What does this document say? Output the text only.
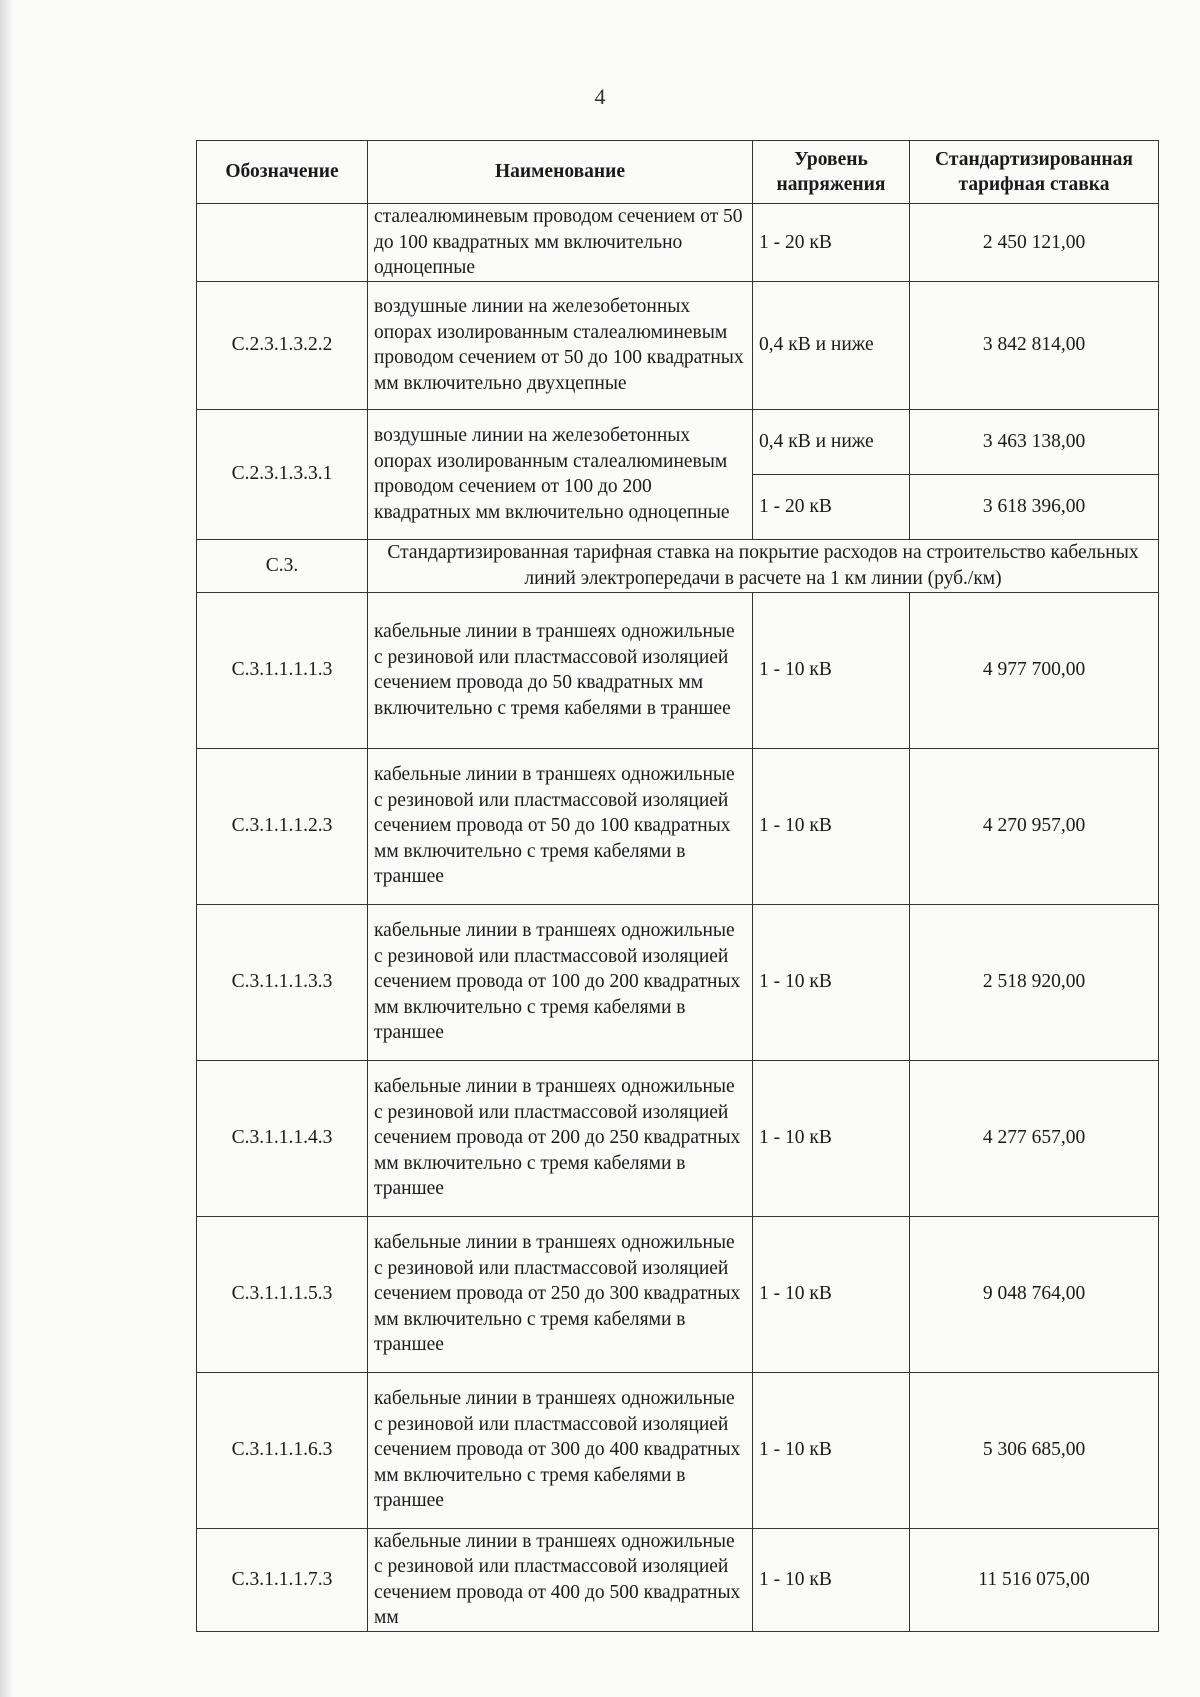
4
Обозначение	Наименование	Уровень напряжения	Стандартизированная тарифная ставка
	сталеалюминевым проводом сечением от 50 до 100 квадратных мм включительно одноцепные	1 - 20 кВ	2 450 121,00
С.2.3.1.3.2.2	воздушные линии на железобетонных опорах изолированным сталеалюминевым проводом сечением от 50 до 100 квадратных мм включительно двухцепные	0,4 кВ и ниже	3 842 814,00
С.2.3.1.3.3.1	воздушные линии на железобетонных опорах изолированным сталеалюминевым проводом сечением от 100 до 200 квадратных мм включительно одноцепные	0,4 кВ и ниже	3 463 138,00
		1 - 20 кВ	3 618 396,00
С.3.	Стандартизированная тарифная ставка на покрытие расходов на строительство кабельных линий электропередачи в расчете на 1 км линии (руб./км)		
С.3.1.1.1.1.3	кабельные линии в траншеях одножильные с резиновой или пластмассовой изоляцией сечением провода до 50 квадратных мм включительно с тремя кабелями в траншее	1 - 10 кВ	4 977 700,00
С.3.1.1.1.2.3	кабельные линии в траншеях одножильные с резиновой или пластмассовой изоляцией сечением провода от 50 до 100 квадратных мм включительно с тремя кабелями в траншее	1 - 10 кВ	4 270 957,00
С.3.1.1.1.3.3	кабельные линии в траншеях одножильные с резиновой или пластмассовой изоляцией сечением провода от 100 до 200 квадратных мм включительно с тремя кабелями в траншее	1 - 10 кВ	2 518 920,00
С.3.1.1.1.4.3	кабельные линии в траншеях одножильные с резиновой или пластмассовой изоляцией сечением провода от 200 до 250 квадратных мм включительно с тремя кабелями в траншее	1 - 10 кВ	4 277 657,00
С.3.1.1.1.5.3	кабельные линии в траншеях одножильные с резиновой или пластмассовой изоляцией сечением провода от 250 до 300 квадратных мм включительно с тремя кабелями в траншее	1 - 10 кВ	9 048 764,00
С.3.1.1.1.6.3	кабельные линии в траншеях одножильные с резиновой или пластмассовой изоляцией сечением провода от 300 до 400 квадратных мм включительно с тремя кабелями в траншее	1 - 10 кВ	5 306 685,00
С.3.1.1.1.7.3	кабельные линии в траншеях одножильные с резиновой или пластмассовой изоляцией сечением провода от 400 до 500 квадратных мм	1 - 10 кВ	11 516 075,00
